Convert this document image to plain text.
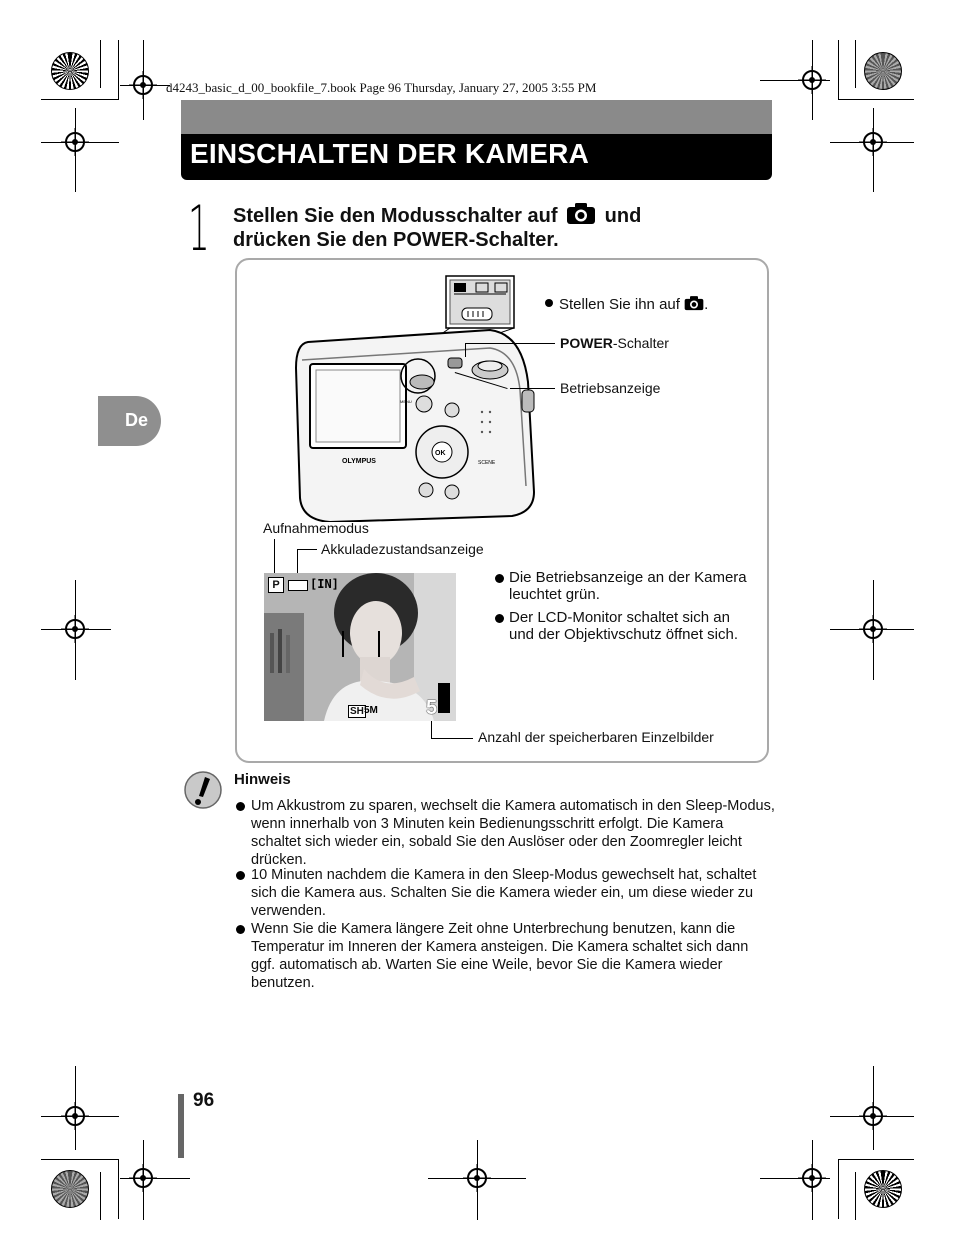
d4243_basic_d_00_bookfile_7.book Page 96 Thursday, January 27, 2005 3:55 PM
EINSCHALTEN DER KAMERA
De
1 Stellen Sie den Modusschalter auf und
drücken Sie den POWER-Schalter.
OLYMPUS
OK
SCENE
MENU
Stellen Sie ihn auf .
POWER-Schalter
Betriebsanzeige
Aufnahmemodus
Akkuladezustandsanzeige
P	[IN]
SH 5M 5
Anzahl der speicherbaren Einzelbilder
Die Betriebsanzeige an der Kamera leuchtet grün.
Der LCD-Monitor schaltet sich an und der Objektivschutz öffnet sich.
Hinweis
Um Akkustrom zu sparen, wechselt die Kamera automatisch in den Sleep-Modus, wenn innerhalb von 3 Minuten kein Bedienungsschritt erfolgt. Die Kamera schaltet sich wieder ein, sobald Sie den Auslöser oder den Zoomregler leicht drücken.
10 Minuten nachdem die Kamera in den Sleep-Modus gewechselt hat, schaltet sich die Kamera aus. Schalten Sie die Kamera wieder ein, um diese wieder zu verwenden.
Wenn Sie die Kamera längere Zeit ohne Unterbrechung benutzen, kann die Temperatur im Inneren der Kamera ansteigen. Die Kamera schaltet sich dann ggf. automatisch ab. Warten Sie eine Weile, bevor Sie die Kamera wieder benutzen.
96
